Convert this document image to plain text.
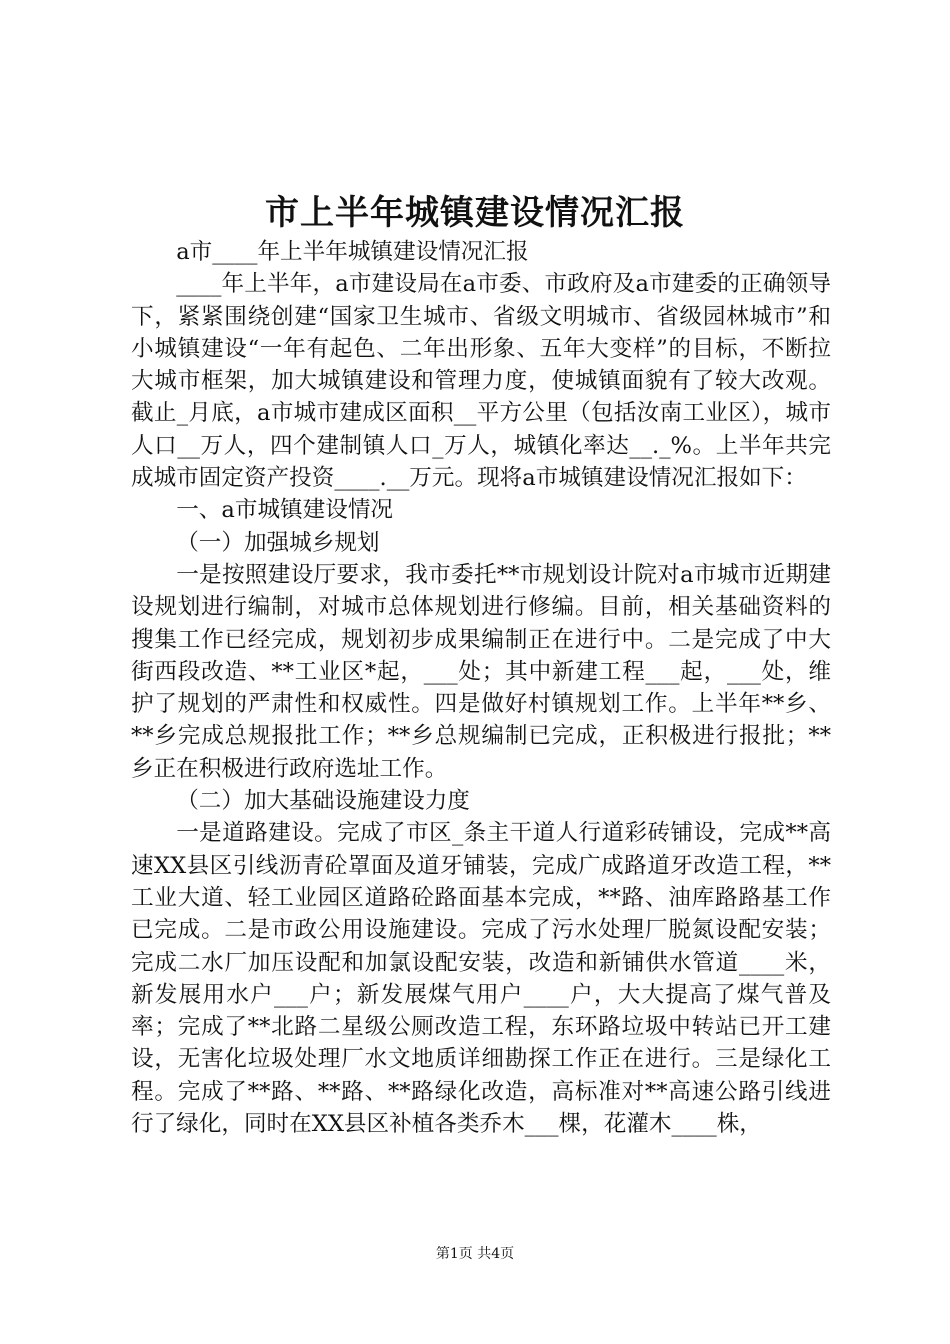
市上半年城镇建设情况汇报

a市____年上半年城镇建设情况汇报

____年上半年，a市建设局在a市委、市政府及a市建委的正确领导下，紧紧围绕创建“国家卫生城市、省级文明城市、省级园林城市”和小城镇建设“一年有起色、二年出形象、五年大变样”的目标，不断拉大城市框架，加大城镇建设和管理力度，使城镇面貌有了较大改观。截止_月底，a市城市建成区面积__平方公里（包括汝南工业区），城市人口__万人，四个建制镇人口_万人，城镇化率达__._%。上半年共完成城市固定资产投资____.__万元。现将a市城镇建设情况汇报如下：

一、a市城镇建设情况

（一）加强城乡规划

一是按照建设厅要求，我市委托**市规划设计院对a市城市近期建设规划进行编制，对城市总体规划进行修编。目前，相关基础资料的搜集工作已经完成，规划初步成果编制正在进行中。二是完成了中大街西段改造、**工业区*起，___处；其中新建工程___起，___处，维护了规划的严肃性和权威性。四是做好村镇规划工作。上半年**乡、**乡完成总规报批工作；**乡总规编制已完成，正积极进行报批；**乡正在积极进行政府选址工作。

（二）加大基础设施建设力度

一是道路建设。完成了市区_条主干道人行道彩砖铺设，完成**高速XX县区引线沥青砼罩面及道牙铺装，完成广成路道牙改造工程，**工业大道、轻工业园区道路砼路面基本完成，**路、油库路路基工作已完成。二是市政公用设施建设。完成了污水处理厂脱氮设配安装；完成二水厂加压设配和加氯设配安装，改造和新铺供水管道____米，新发展用水户___户；新发展煤气用户____户，大大提高了煤气普及率；完成了**北路二星级公厕改造工程，东环路垃圾中转站已开工建设，无害化垃圾处理厂水文地质详细勘探工作正在进行。三是绿化工程。完成了**路、**路、**路绿化改造，高标准对**高速公路引线进行了绿化，同时在XX县区补植各类乔木___棵，花灌木____株，

第1页 共4页
